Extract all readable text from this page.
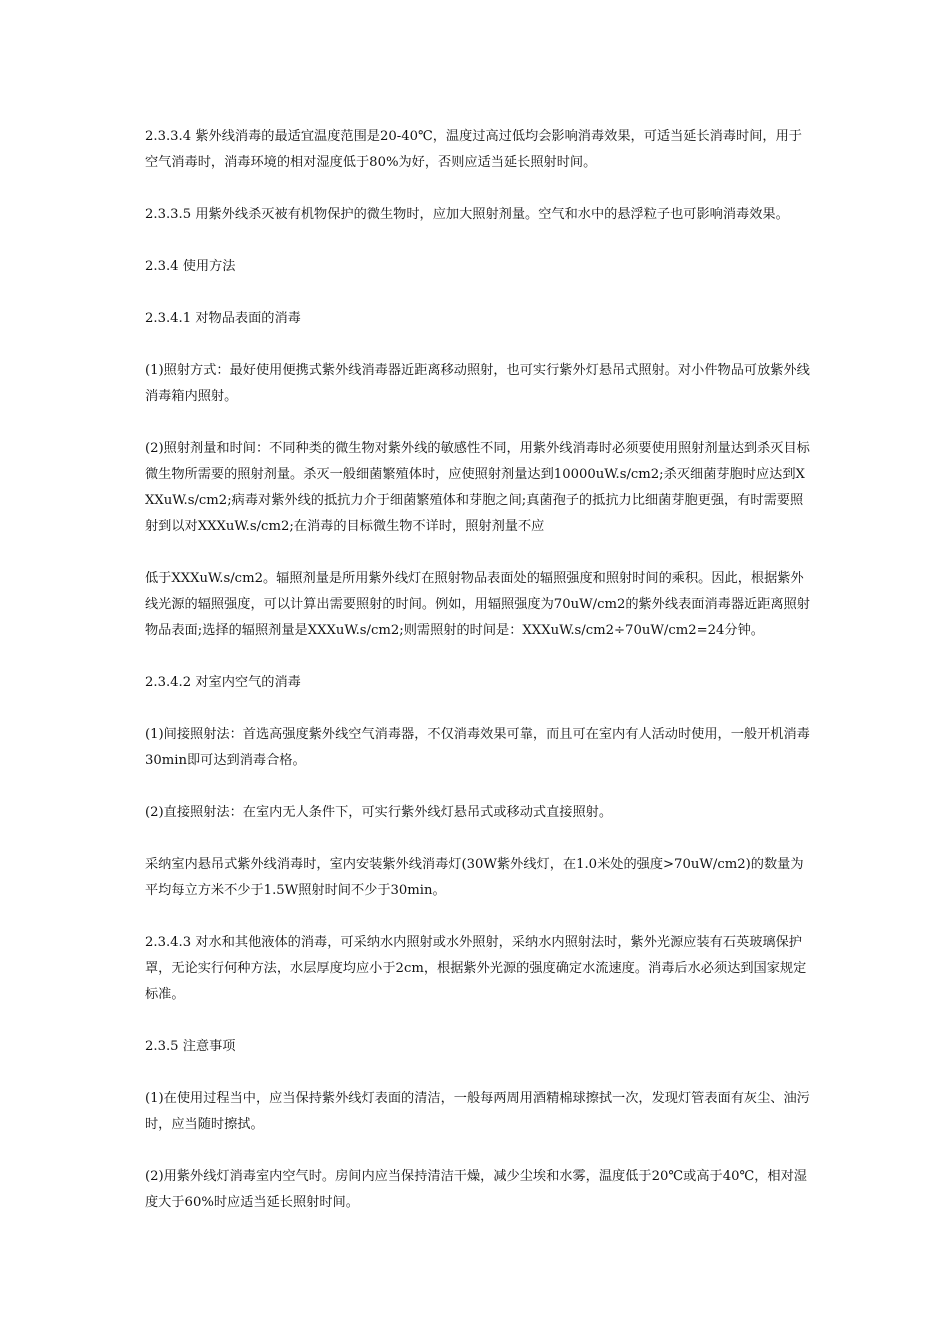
2.3.3.4 紫外线消毒的最适宜温度范围是20-40℃，温度过高过低均会影响消毒效果，可适当延长消毒时间，用于空气消毒时，消毒环境的相对湿度低于80%为好，否则应适当延长照射时间。

2.3.3.5 用紫外线杀灭被有机物保护的微生物时，应加大照射剂量。空气和水中的悬浮粒子也可影响消毒效果。

2.3.4 使用方法

2.3.4.1 对物品表面的消毒

(1)照射方式：最好使用便携式紫外线消毒器近距离移动照射，也可实行紫外灯悬吊式照射。对小件物品可放紫外线消毒箱内照射。

(2)照射剂量和时间：不同种类的微生物对紫外线的敏感性不同，用紫外线消毒时必须要使用照射剂量达到杀灭目标微生物所需要的照射剂量。杀灭一般细菌繁殖体时，应使照射剂量达到10000uW.s/cm2;杀灭细菌芽胞时应达到XXXuW.s/cm2;病毒对紫外线的抵抗力介于细菌繁殖体和芽胞之间;真菌孢子的抵抗力比细菌芽胞更强，有时需要照射到以对XXXuW.s/cm2;在消毒的目标微生物不详时，照射剂量不应

低于XXXuW.s/cm2。辐照剂量是所用紫外线灯在照射物品表面处的辐照强度和照射时间的乘积。因此，根据紫外线光源的辐照强度，可以计算出需要照射的时间。例如，用辐照强度为70uW/cm2的紫外线表面消毒器近距离照射物品表面;选择的辐照剂量是XXXuW.s/cm2;则需照射的时间是：XXXuW.s/cm2÷70uW/cm2=24分钟。

2.3.4.2 对室内空气的消毒

(1)间接照射法：首选高强度紫外线空气消毒器，不仅消毒效果可靠，而且可在室内有人活动时使用，一般开机消毒30min即可达到消毒合格。

(2)直接照射法：在室内无人条件下，可实行紫外线灯悬吊式或移动式直接照射。

采纳室内悬吊式紫外线消毒时，室内安装紫外线消毒灯(30W紫外线灯，在1.0米处的强度>70uW/cm2)的数量为平均每立方米不少于1.5W照射时间不少于30min。

2.3.4.3 对水和其他液体的消毒，可采纳水内照射或水外照射，采纳水内照射法时，紫外光源应装有石英玻璃保护罩，无论实行何种方法，水层厚度均应小于2cm，根据紫外光源的强度确定水流速度。消毒后水必须达到国家规定标准。

2.3.5 注意事项

(1)在使用过程当中，应当保持紫外线灯表面的清洁，一般每两周用酒精棉球擦拭一次，发现灯管表面有灰尘、油污时，应当随时擦拭。

(2)用紫外线灯消毒室内空气时。房间内应当保持清洁干燥，减少尘埃和水雾，温度低于20℃或高于40℃，相对湿度大于60%时应适当延长照射时间。
